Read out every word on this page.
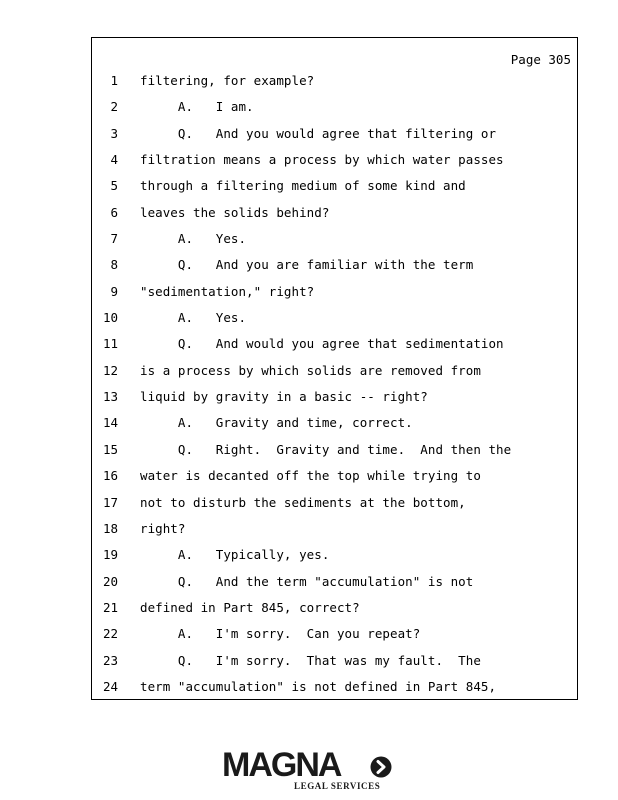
Page 305
1 filtering, for example?
2 A.   I am.
3 Q.   And you would agree that filtering or
4 filtration means a process by which water passes
5 through a filtering medium of some kind and
6 leaves the solids behind?
7 A.   Yes.
8 Q.   And you are familiar with the term
9 "sedimentation," right?
10 A.   Yes.
11 Q.   And would you agree that sedimentation
12 is a process by which solids are removed from
13 liquid by gravity in a basic -- right?
14 A.   Gravity and time, correct.
15 Q.   Right.  Gravity and time.  And then the
16 water is decanted off the top while trying to
17 not to disturb the sediments at the bottom,
18 right?
19 A.   Typically, yes.
20 Q.   And the term "accumulation" is not
21 defined in Part 845, correct?
22 A.   I'm sorry.  Can you repeat?
23 Q.   I'm sorry.  That was my fault.  The
24 term "accumulation" is not defined in Part 845,
MAGNA
LEGAL SERVICES
